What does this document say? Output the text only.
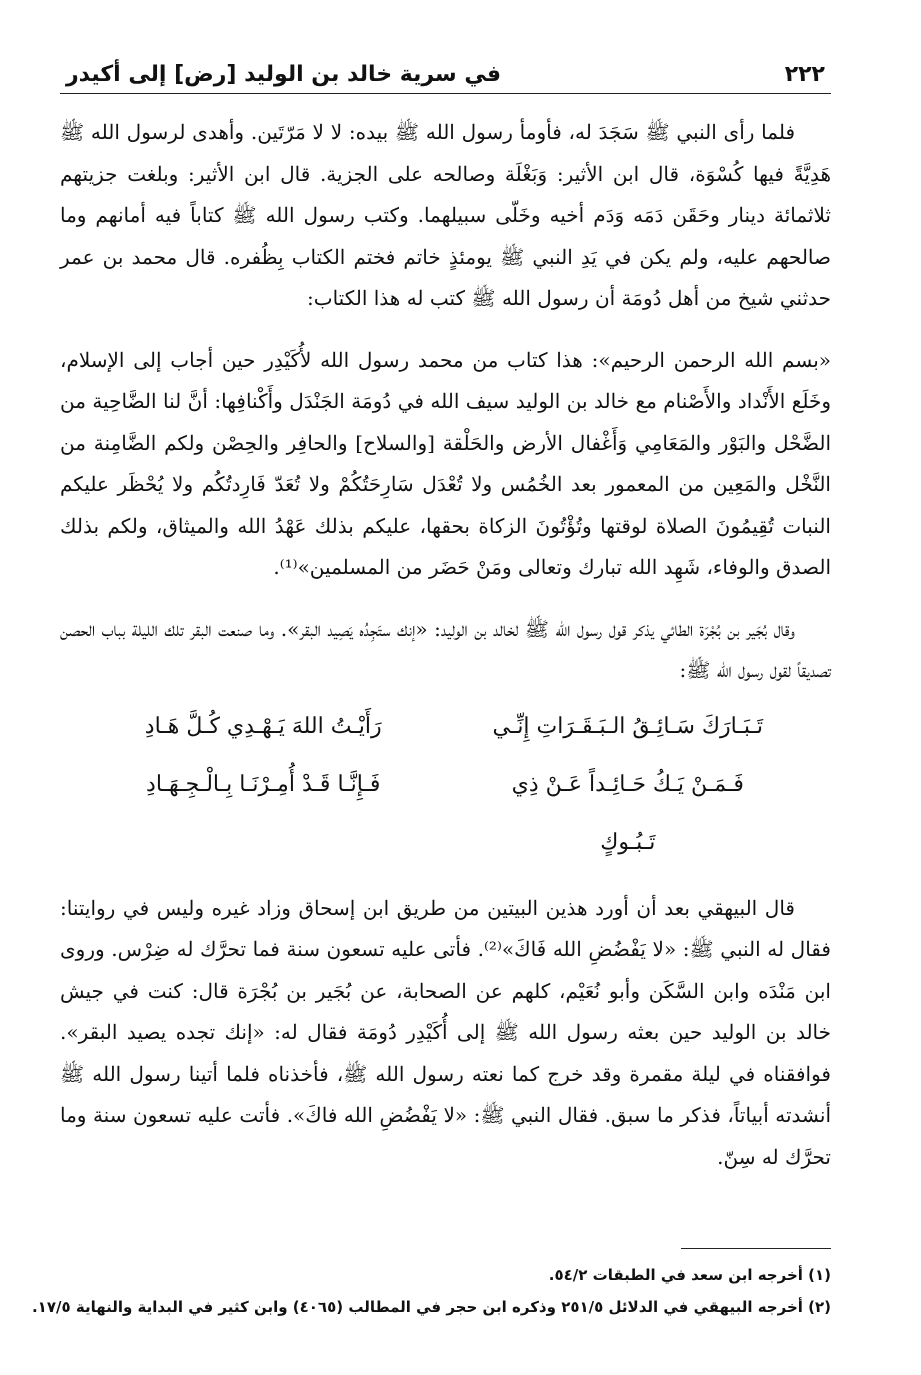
٢٢٢
في سرية خالد بن الوليد [رض] إلى أكيدر

فلما رأى النبي ﷺ سَجَدَ له، فأومأ رسول الله ﷺ بيده: لا لا مَرّتَين. وأهدى لرسول الله ﷺ هَدِيَّةً فيها كُسْوَة، قال ابن الأثير: وَبَغْلَة وصالحه على الجزية. قال ابن الأثير: وبلغت جزيتهم ثلاثمائة دينار وحَقَن دَمَه وَدَم أخيه وخَلّى سبيلهما. وكتب رسول الله ﷺ كتاباً فيه أمانهم وما صالحهم عليه، ولم يكن في يَدِ النبي ﷺ يومئذٍ خاتم فختم الكتاب بِظُفره. قال محمد بن عمر حدثني شيخ من أهل دُومَة أن رسول الله ﷺ كتب له هذا الكتاب:

«بسم الله الرحمن الرحيم»: هذا كتاب من محمد رسول الله لأُكَيْدِر حين أجاب إلى الإسلام، وخَلَع الأَنْداد والأَصْنام مع خالد بن الوليد سيف الله في دُومَة الجَنْدَل وأَكْنافِها: أنَّ لنا الضَّاحِية من الضَّحْل والبَوْر والمَعَامِي وَأَغْفال الأرض والحَلْقة [والسلاح] والحافِر والحِصْن ولكم الضَّامِنة من النَّخْل والمَعِين من المعمور بعد الخُمُس ولا تُعْدَل سَارِحَتُكُمْ ولا تُعَدّ فَارِدتُكُم ولا يُحْظَر عليكم النبات تُقِيمُونَ الصلاة لوقتها وتُؤْتُونَ الزكاة بحقها، عليكم بذلك عَهْدُ الله والميثاق، ولكم بذلك الصدق والوفاء، شَهِد الله تبارك وتعالى ومَنْ حَضَر من المسلمين»⁽¹⁾.

وقال بُجَير بن بُجْرَة الطائي يذكر قول رسول الله ﷺ لخالد بن الوليد: «إنك ستَجِدُه يَصِيد البقر». وما صنعت البقر تلك الليلة بباب الحصن تصديقاً لقول رسول الله ﷺ:

تَـبَـارَكَ سَـائِـقُ الـبَـقَـرَاتِ إِنِّـي
رَأَيْـتُ اللهَ يَـهْـدِي كُـلَّ هَـادِ
فَـمَـنْ يَـكُ حَـائِـداً عَـنْ ذِي تَـبُـوكٍ
فَـإِنَّـا قَـدْ أُمِـرْنَـا بِـالْـجِـهَـادِ

قال البيهقي بعد أن أورد هذين البيتين من طريق ابن إسحاق وزاد غيره وليس في روايتنا: فقال له النبي ﷺ: «لا يَفْضُضِ الله فَاكَ»⁽²⁾. فأتى عليه تسعون سنة فما تحرَّك له ضِرْس. وروى ابن مَنْدَه وابن السَّكَن وأبو نُعَيْم، كلهم عن الصحابة، عن بُجَير بن بُجْرَة قال: كنت في جيش خالد بن الوليد حين بعثه رسول الله ﷺ إلى أُكَيْدِر دُومَة فقال له: «إنك تجده يصيد البقر». فوافقناه في ليلة مقمرة وقد خرج كما نعته رسول الله ﷺ، فأخذناه فلما أتينا رسول الله ﷺ أنشدته أبياتاً، فذكر ما سبق. فقال النبي ﷺ: «لا يَفْضُضِ الله فاكَ». فأتت عليه تسعون سنة وما تحرَّك له سِنّ.

(١) أخرجه ابن سعد في الطبقات ٥٤/٢.

(٢) أخرجه البيهقي في الدلائل ٢٥١/٥ وذكره ابن حجر في المطالب (٤٠٦٥) وابن كثير في البداية والنهاية ١٧/٥.
